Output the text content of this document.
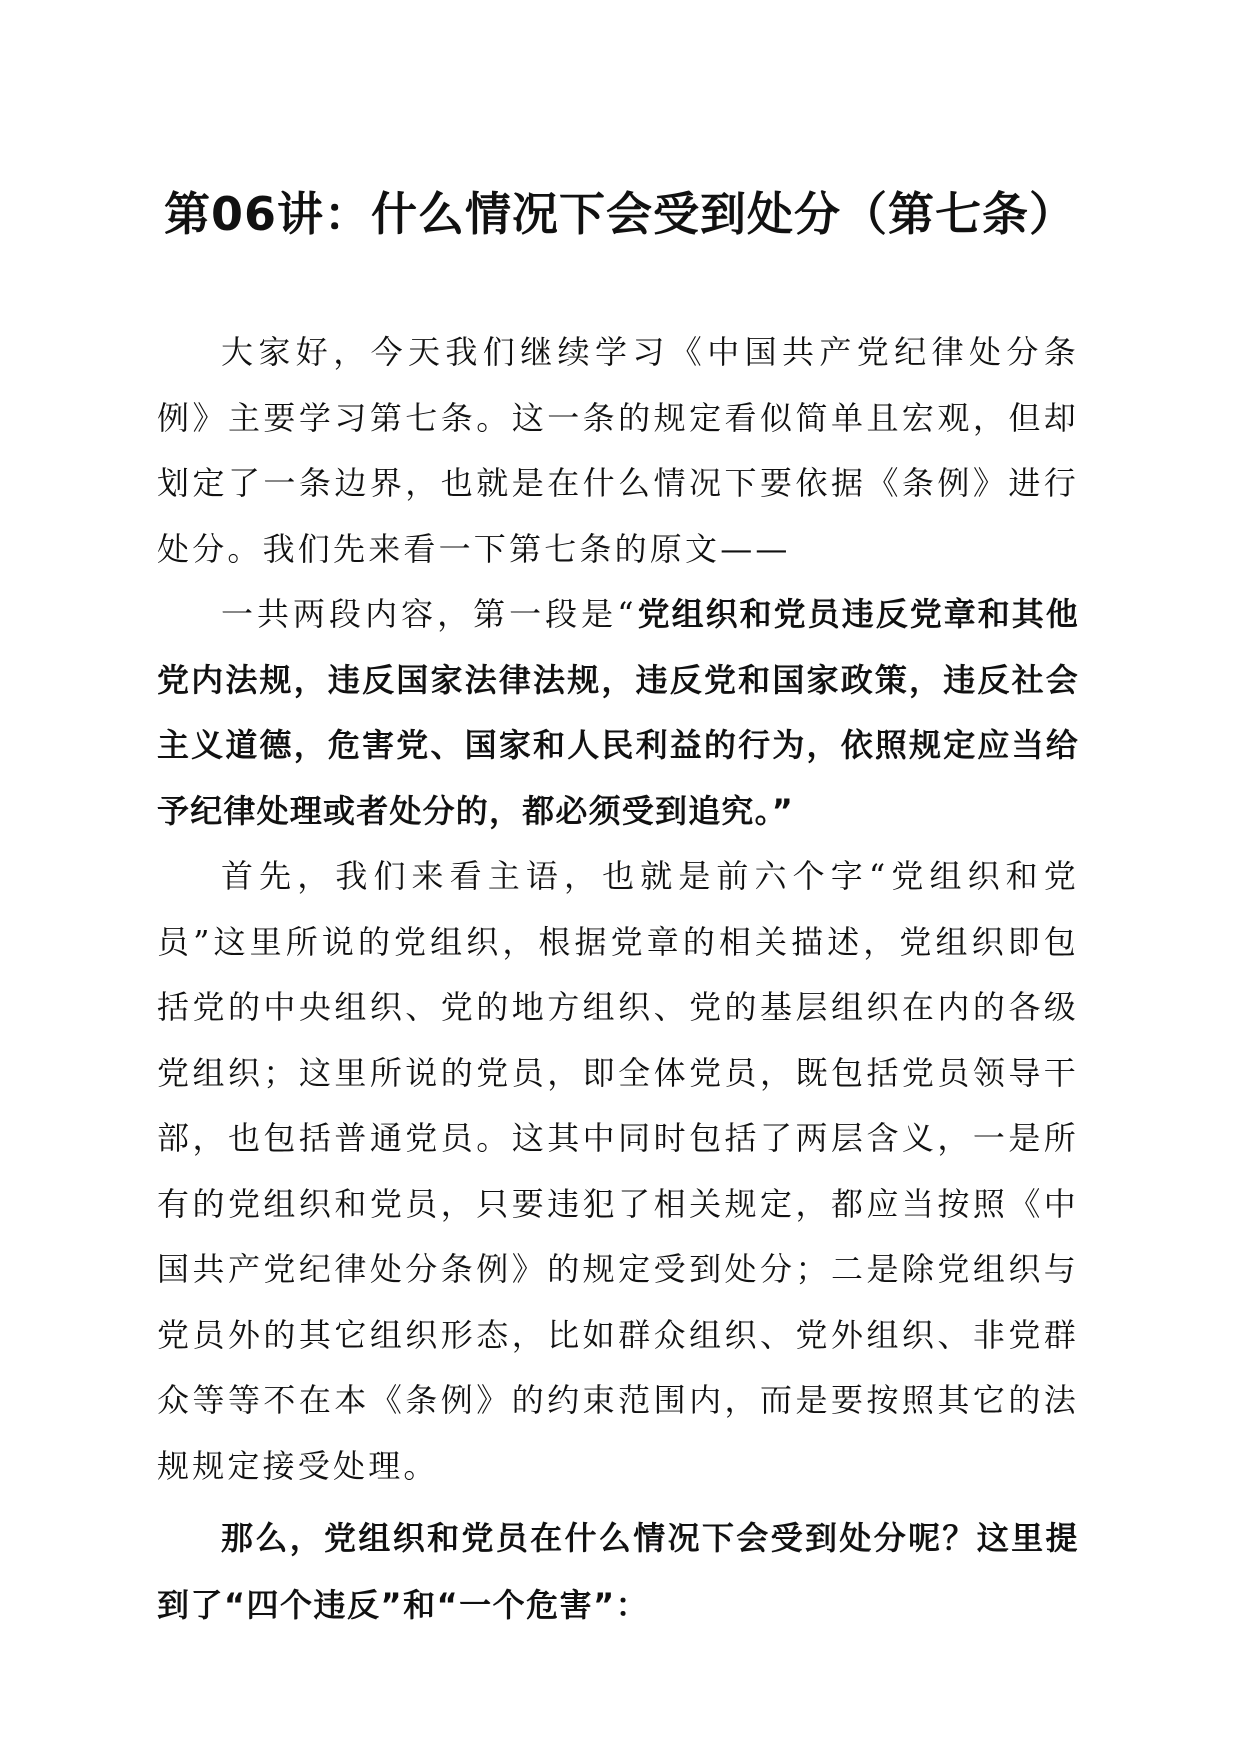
第06讲：什么情况下会受到处分（第七条）

大家好，今天我们继续学习《中国共产党纪律处分条例》主要学习第七条。这一条的规定看似简单且宏观，但却划定了一条边界，也就是在什么情况下要依据《条例》进行处分。我们先来看一下第七条的原文——

一共两段内容，第一段是“党组织和党员违反党章和其他党内法规，违反国家法律法规，违反党和国家政策，违反社会主义道德，危害党、国家和人民利益的行为，依照规定应当给予纪律处理或者处分的，都必须受到追究。”

首先，我们来看主语，也就是前六个字“党组织和党员”这里所说的党组织，根据党章的相关描述，党组织即包括党的中央组织、党的地方组织、党的基层组织在内的各级党组织；这里所说的党员，即全体党员，既包括党员领导干部，也包括普通党员。这其中同时包括了两层含义，一是所有的党组织和党员，只要违犯了相关规定，都应当按照《中国共产党纪律处分条例》的规定受到处分；二是除党组织与党员外的其它组织形态，比如群众组织、党外组织、非党群众等等不在本《条例》的约束范围内，而是要按照其它的法规规定接受处理。

那么，党组织和党员在什么情况下会受到处分呢？这里提到了“四个违反”和“一个危害”：
